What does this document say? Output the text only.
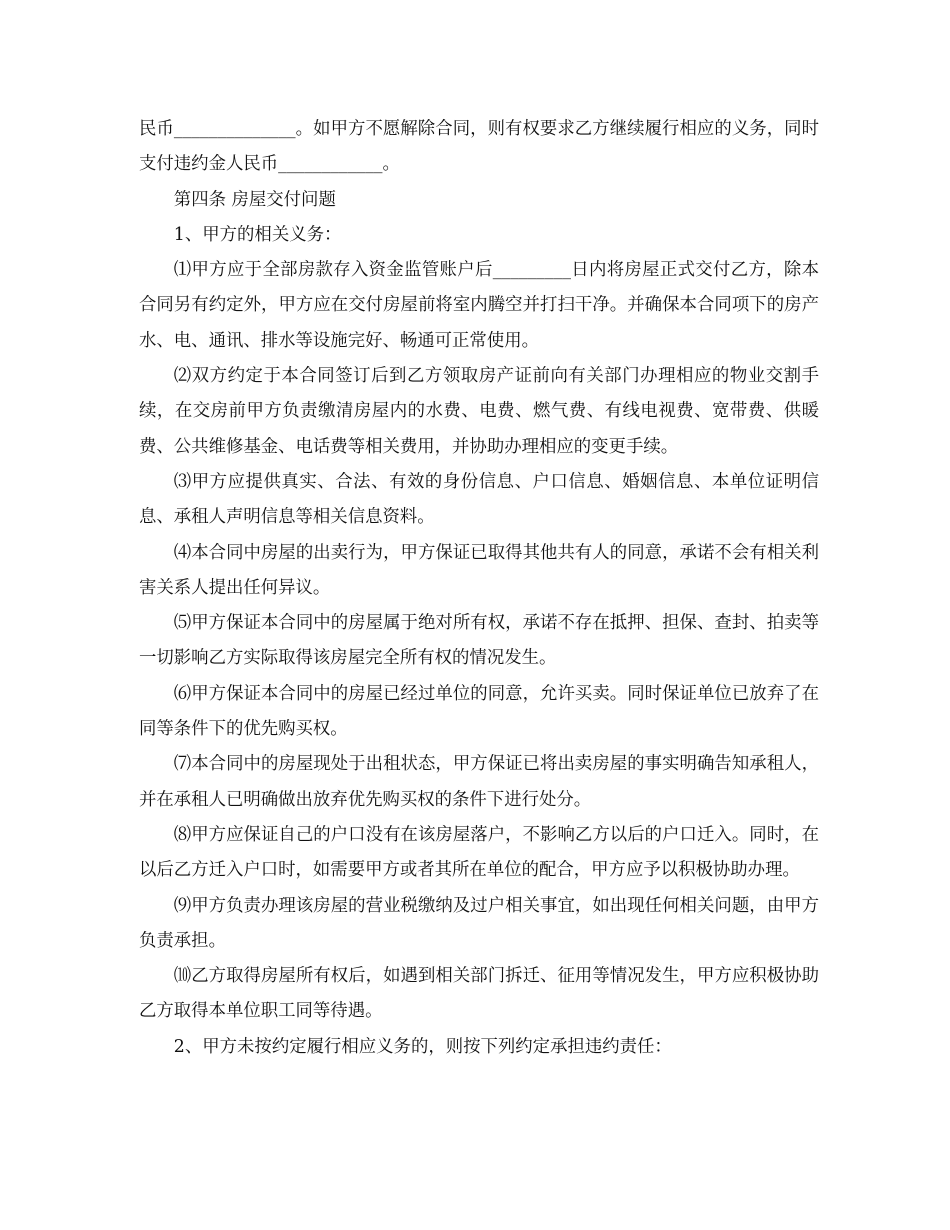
民币______________。如甲方不愿解除合同，则有权要求乙方继续履行相应的义务，同时支付违约金人民币____________。

第四条 房屋交付问题

1、甲方的相关义务：

⑴甲方应于全部房款存入资金监管账户后_________日内将房屋正式交付乙方，除本合同另有约定外，甲方应在交付房屋前将室内腾空并打扫干净。并确保本合同项下的房产水、电、通讯、排水等设施完好、畅通可正常使用。

⑵双方约定于本合同签订后到乙方领取房产证前向有关部门办理相应的物业交割手续，在交房前甲方负责缴清房屋内的水费、电费、燃气费、有线电视费、宽带费、供暖费、公共维修基金、电话费等相关费用，并协助办理相应的变更手续。

⑶甲方应提供真实、合法、有效的身份信息、户口信息、婚姻信息、本单位证明信息、承租人声明信息等相关信息资料。

⑷本合同中房屋的出卖行为，甲方保证已取得其他共有人的同意，承诺不会有相关利害关系人提出任何异议。

⑸甲方保证本合同中的房屋属于绝对所有权，承诺不存在抵押、担保、查封、拍卖等一切影响乙方实际取得该房屋完全所有权的情况发生。

⑹甲方保证本合同中的房屋已经过单位的同意，允许买卖。同时保证单位已放弃了在同等条件下的优先购买权。

⑺本合同中的房屋现处于出租状态，甲方保证已将出卖房屋的事实明确告知承租人，并在承租人已明确做出放弃优先购买权的条件下进行处分。

⑻甲方应保证自己的户口没有在该房屋落户，不影响乙方以后的户口迁入。同时，在以后乙方迁入户口时，如需要甲方或者其所在单位的配合，甲方应予以积极协助办理。

⑼甲方负责办理该房屋的营业税缴纳及过户相关事宜，如出现任何相关问题，由甲方负责承担。

⑽乙方取得房屋所有权后，如遇到相关部门拆迁、征用等情况发生，甲方应积极协助乙方取得本单位职工同等待遇。

2、甲方未按约定履行相应义务的，则按下列约定承担违约责任：
